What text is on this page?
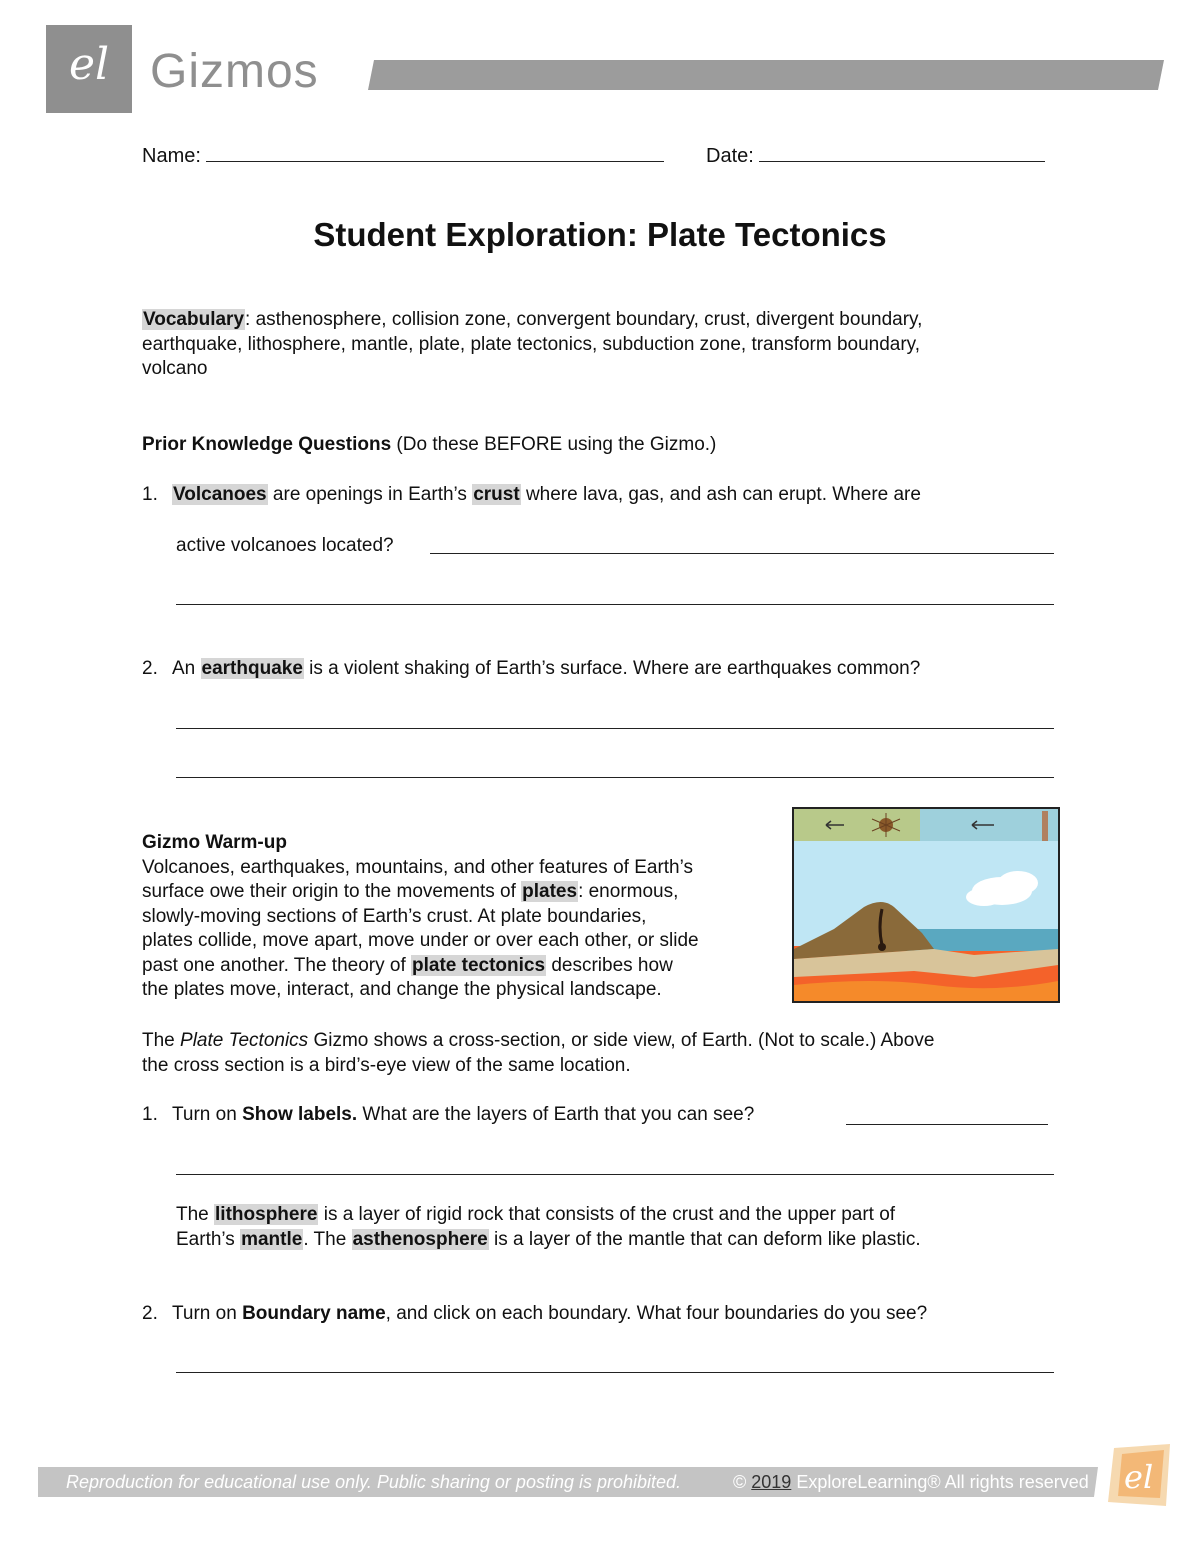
el Gizmos
Name:	Date:
Student Exploration: Plate Tectonics
Vocabulary: asthenosphere, collision zone, convergent boundary, crust, divergent boundary,
earthquake, lithosphere, mantle, plate, plate tectonics, subduction zone, transform boundary,
volcano
Prior Knowledge Questions (Do these BEFORE using the Gizmo.)
1. Volcanoes are openings in Earth’s crust where lava, gas, and ash can erupt. Where are
active volcanoes located?
2. An earthquake is a violent shaking of Earth’s surface. Where are earthquakes common?
Gizmo Warm-up
Volcanoes, earthquakes, mountains, and other features of Earth’s
surface owe their origin to the movements of plates: enormous,
slowly-moving sections of Earth’s crust. At plate boundaries,
plates collide, move apart, move under or over each other, or slide
past one another. The theory of plate tectonics describes how
the plates move, interact, and change the physical landscape.
The Plate Tectonics Gizmo shows a cross-section, or side view, of Earth. (Not to scale.) Above
the cross section is a bird’s-eye view of the same location.
1. Turn on Show labels. What are the layers of Earth that you can see?
The lithosphere is a layer of rigid rock that consists of the crust and the upper part of
Earth’s mantle. The asthenosphere is a layer of the mantle that can deform like plastic.
2. Turn on Boundary name, and click on each boundary. What four boundaries do you see?
Reproduction for educational use only. Public sharing or posting is prohibited.	© 2019 ExploreLearning® All rights reserved el
